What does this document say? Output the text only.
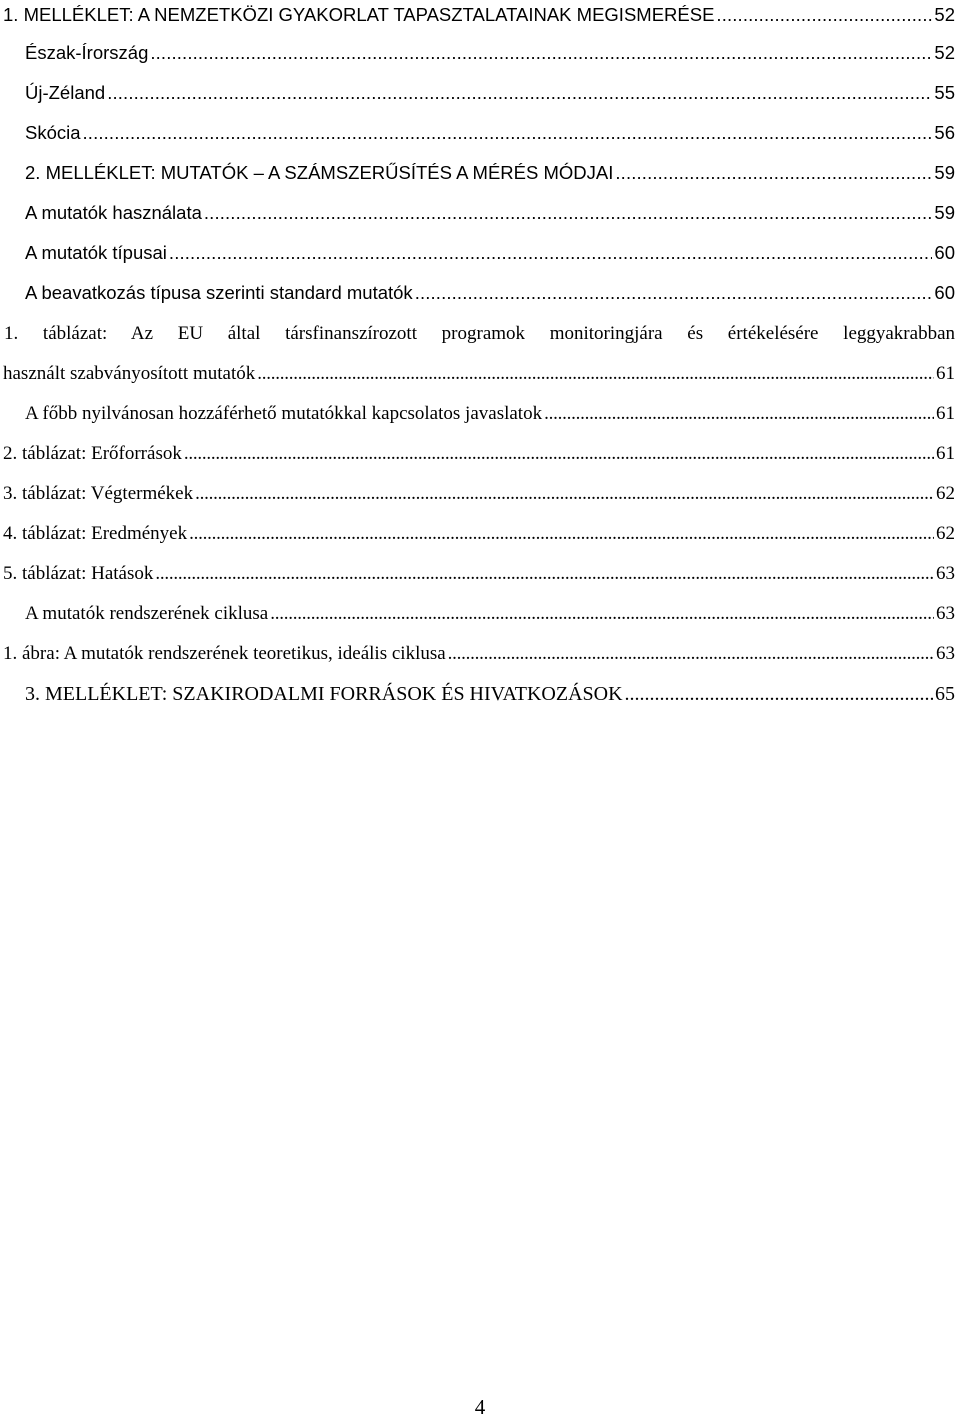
1. MELLÉKLET: A NEMZETKÖZI GYAKORLAT TAPASZTALATAINAK MEGISMERÉSE . . .	52
Észak-Írország . . .	52
Új-Zéland . . .	55
Skócia . . .	56
2. MELLÉKLET: MUTATÓK – A SZÁMSZERŰSÍTÉS A MÉRÉS MÓDJAI . . .	59
A mutatók használata . . .	59
A mutatók típusai . . .	60
A beavatkozás típusa szerinti standard mutatók . . .	60
1. táblázat: Az EU által társfinanszírozott programok monitoringjára és értékelésére leggyakrabban
használt szabványosított mutatók . . .	61
A főbb nyilvánosan hozzáférhető mutatókkal kapcsolatos javaslatok . . .	61
2. táblázat: Erőforrások . . .	61
3. táblázat: Végtermékek . . .	62
4. táblázat: Eredmények . . .	62
5. táblázat: Hatások . . .	63
A mutatók rendszerének ciklusa . . .	63
1. ábra: A mutatók rendszerének teoretikus, ideális ciklusa . . .	63
3. MELLÉKLET: SZAKIRODALMI FORRÁSOK ÉS HIVATKOZÁSOK . . .	65
4
